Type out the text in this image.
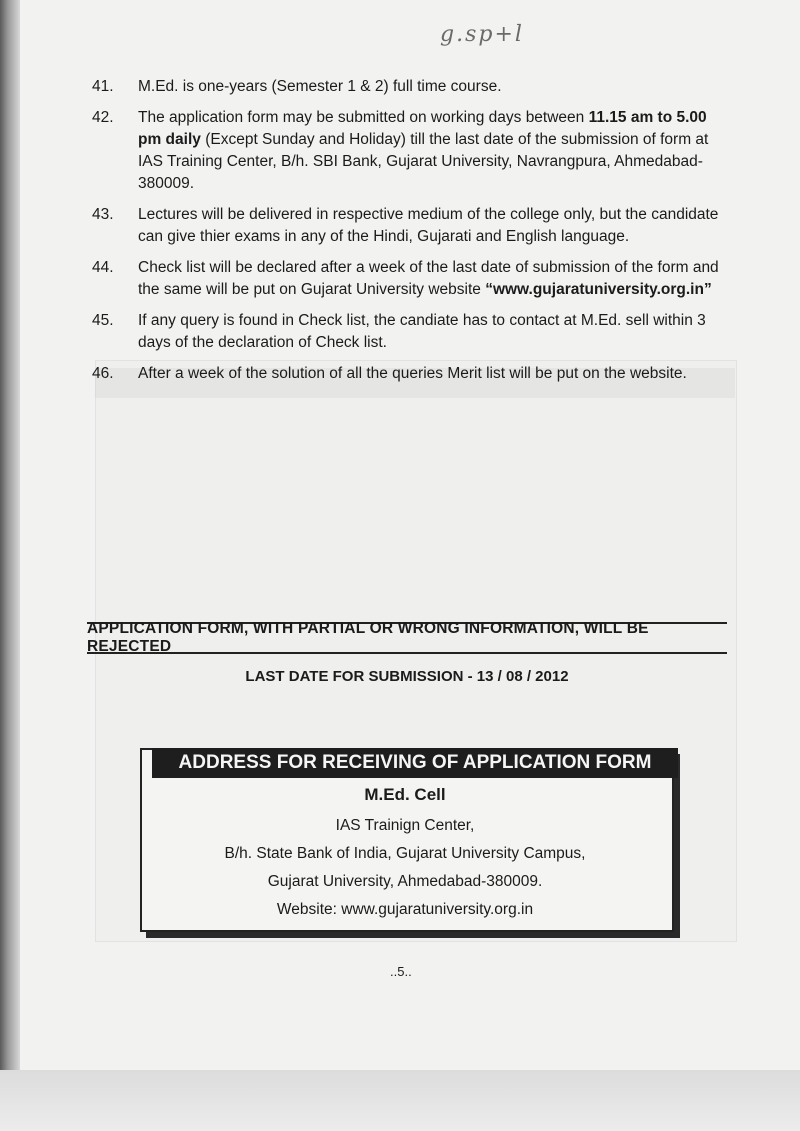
g.sp+l
41.	M.Ed. is one-years (Semester 1 & 2) full time course.
42.	The application form may be submitted on working days between 11.15 am to 5.00 pm daily (Except Sunday and Holiday) till the last date of the submission of form at IAS Training Center, B/h. SBI Bank, Gujarat University, Navrangpura, Ahmedabad-380009.
43.	Lectures will be delivered in respective medium of the college only, but the candidate can give thier exams in any of the Hindi, Gujarati and English language.
44.	Check list will be declared after a week of the last date of submission of the form and the same will be put on Gujarat University website “www.gujaratuniversity.org.in”
45.	If any query is found in Check list, the candiate has to contact at M.Ed. sell within 3 days of the declaration of Check list.
46.	After a week of the solution of all the queries Merit list will be put on the website.
APPLICATION FORM, WITH PARTIAL OR WRONG INFORMATION, WILL BE REJECTED
LAST DATE FOR SUBMISSION - 13 / 08 / 2012
ADDRESS FOR RECEIVING OF APPLICATION FORM
M.Ed. Cell
IAS Trainign Center,
B/h. State Bank of India, Gujarat University Campus,
Gujarat University, Ahmedabad-380009.
Website: www.gujaratuniversity.org.in
..5..
